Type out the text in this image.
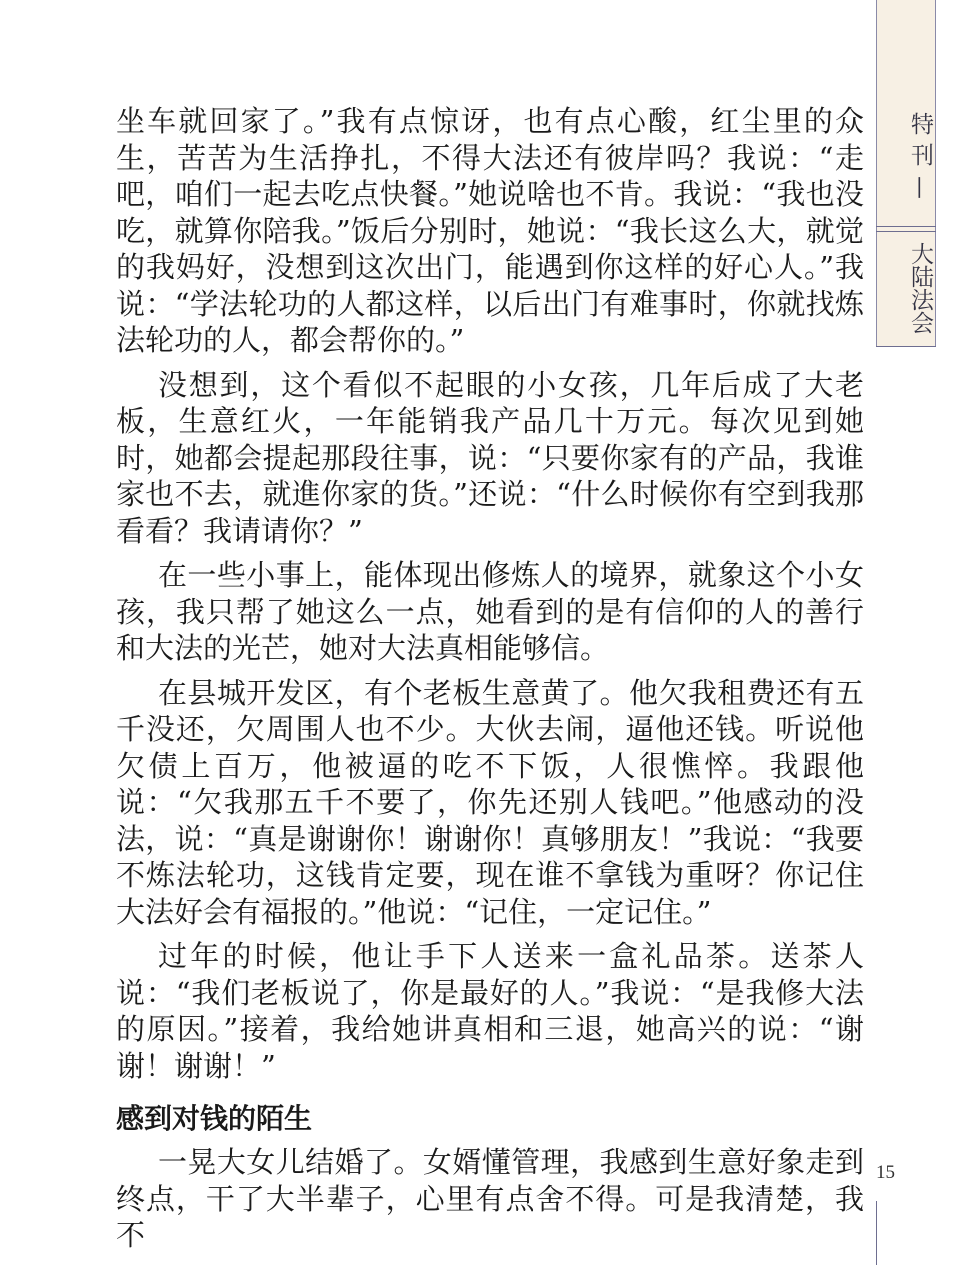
特刊
—
大陆法会

坐车就回家了。”我有点惊讶，也有点心酸，红尘里的众生，苦苦为生活挣扎，不得大法还有彼岸吗？我说：“走吧，咱们一起去吃点快餐。”她说啥也不肯。我说：“我也没吃，就算你陪我。”饭后分别时，她说：“我长这么大，就觉的我妈好，没想到这次出门，能遇到你这样的好心人。”我说：“学法轮功的人都这样，以后出门有难事时，你就找炼法轮功的人，都会帮你的。”

没想到，这个看似不起眼的小女孩，几年后成了大老板，生意红火，一年能销我产品几十万元。每次见到她时，她都会提起那段往事，说：“只要你家有的产品，我谁家也不去，就進你家的货。”还说：“什么时候你有空到我那看看？我请请你？”

在一些小事上，能体现出修炼人的境界，就象这个小女孩，我只帮了她这么一点，她看到的是有信仰的人的善行和大法的光芒，她对大法真相能够信。

在县城开发区，有个老板生意黄了。他欠我租费还有五千没还，欠周围人也不少。大伙去闹，逼他还钱。听说他欠债上百万，他被逼的吃不下饭，人很憔悴。我跟他说：“欠我那五千不要了，你先还别人钱吧。”他感动的没法，说：“真是谢谢你！谢谢你！真够朋友！”我说：“我要不炼法轮功，这钱肯定要，现在谁不拿钱为重呀？你记住大法好会有福报的。”他说：“记住，一定记住。”

过年的时候，他让手下人送来一盒礼品茶。送茶人说：“我们老板说了，你是最好的人。”我说：“是我修大法的原因。”接着，我给她讲真相和三退，她高兴的说：“谢谢！谢谢！”

感到对钱的陌生

一晃大女儿结婚了。女婿懂管理，我感到生意好象走到终点，干了大半辈子，心里有点舍不得。可是我清楚，我不

15
